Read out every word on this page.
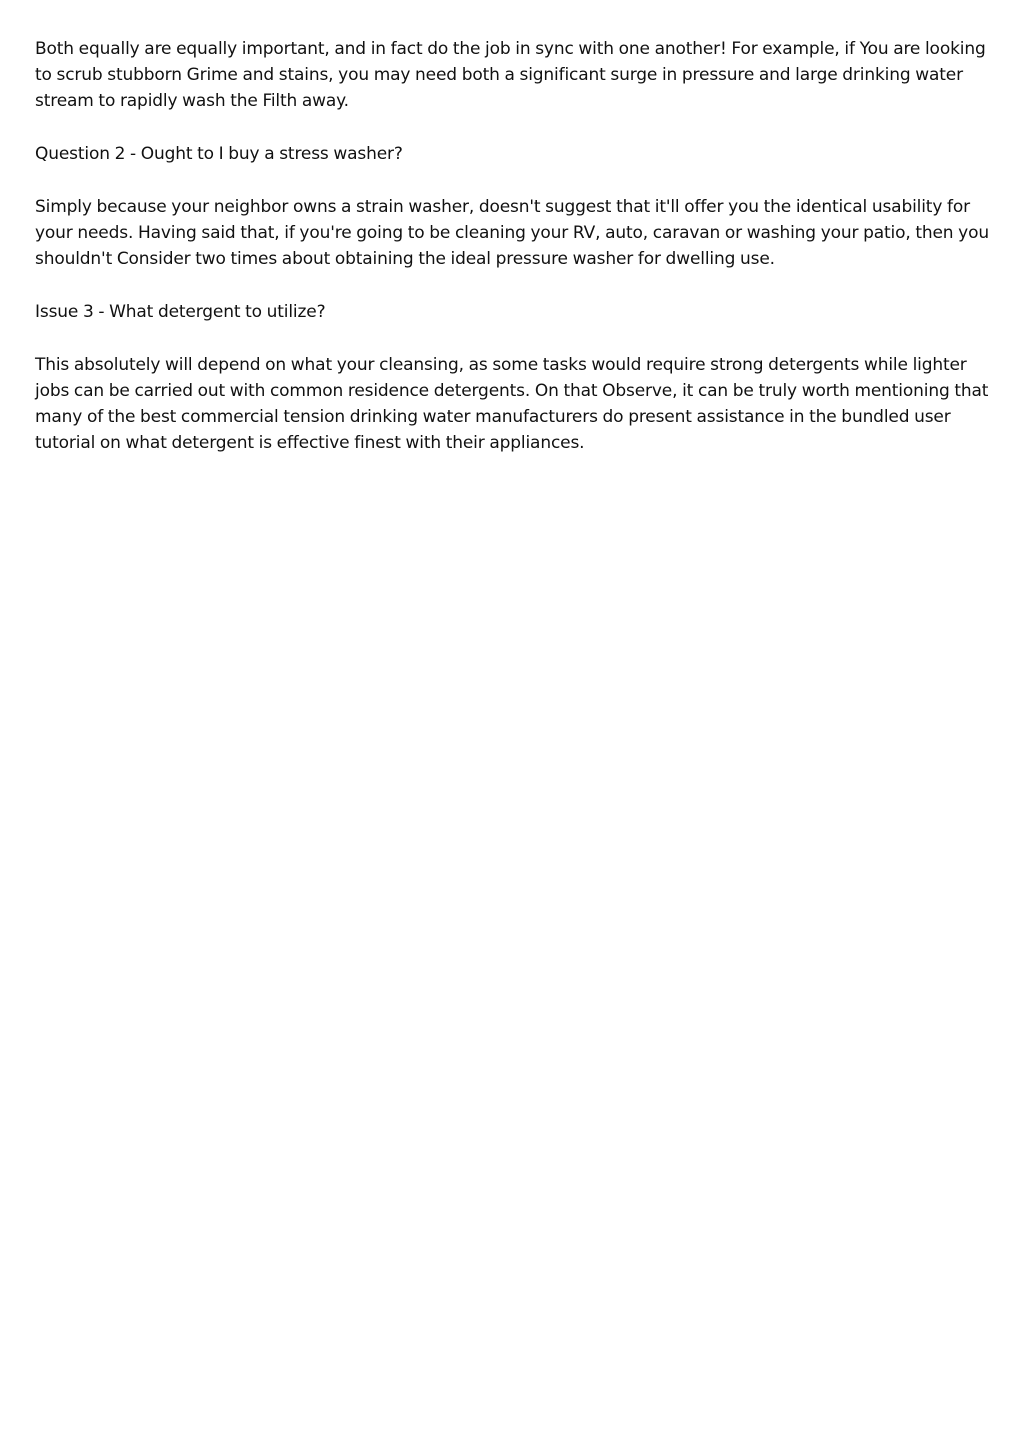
Both equally are equally important, and in fact do the job in sync with one another! For example, if You are looking to scrub stubborn Grime and stains, you may need both a significant surge in pressure and large drinking water stream to rapidly wash the Filth away.

Question 2 - Ought to I buy a stress washer?

Simply because your neighbor owns a strain washer, doesn't suggest that it'll offer you the identical usability for your needs. Having said that, if you're going to be cleaning your RV, auto, caravan or washing your patio, then you shouldn't Consider two times about obtaining the ideal pressure washer for dwelling use.

Issue 3 - What detergent to utilize?

This absolutely will depend on what your cleansing, as some tasks would require strong detergents while lighter jobs can be carried out with common residence detergents. On that Observe, it can be truly worth mentioning that many of the best commercial tension drinking water manufacturers do present assistance in the bundled user tutorial on what detergent is effective finest with their appliances.
